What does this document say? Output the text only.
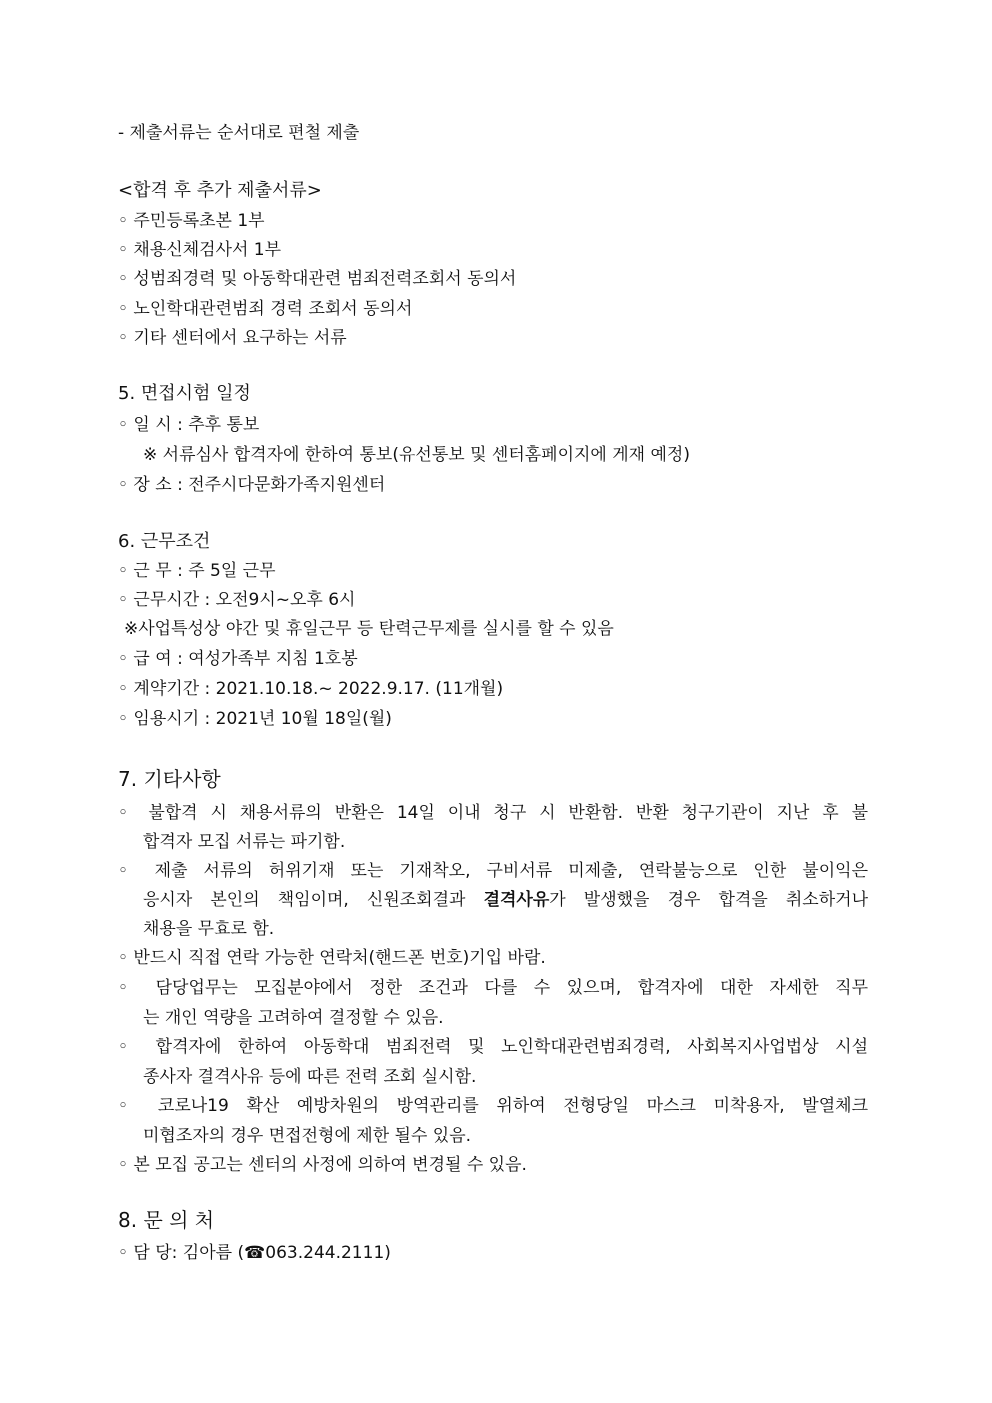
- 제출서류는 순서대로 편철 제출
<합격 후 추가 제출서류>
◦ 주민등록초본 1부
◦ 채용신체검사서 1부
◦ 성범죄경력 및 아동학대관련 범죄전력조회서 동의서
◦ 노인학대관련범죄 경력 조회서 동의서
◦ 기타 센터에서 요구하는 서류
5. 면접시험 일정
◦ 일 시 : 추후 통보
※ 서류심사 합격자에 한하여 통보(유선통보 및 센터홈페이지에 게재 예정)
◦ 장 소 : 전주시다문화가족지원센터
6. 근무조건
◦ 근 무 : 주 5일 근무
◦ 근무시간 : 오전9시~오후 6시
※사업특성상 야간 및 휴일근무 등 탄력근무제를 실시를 할 수 있음
◦ 급 여 : 여성가족부 지침 1호봉
◦ 계약기간 : 2021.10.18.~ 2022.9.17. (11개월)
◦ 임용시기 : 2021년 10월 18일(월)
7. 기타사항
◦ 불합격 시 채용서류의 반환은 14일 이내 청구 시 반환함. 반환 청구기관이 지난 후 불
합격자 모집 서류는 파기함.
◦ 제출 서류의 허위기재 또는 기재착오, 구비서류 미제출, 연락불능으로 인한 불이익은
응시자 본인의 책임이며, 신원조회결과 결격사유가 발생했을 경우 합격을 취소하거나
채용을 무효로 함.
◦ 반드시 직접 연락 가능한 연락처(핸드폰 번호)기입 바람.
◦ 담당업무는 모집분야에서 정한 조건과 다를 수 있으며, 합격자에 대한 자세한 직무
는 개인 역량을 고려하여 결정할 수 있음.
◦ 합격자에 한하여 아동학대 범죄전력 및 노인학대관련범죄경력, 사회복지사업법상 시설
종사자 결격사유 등에 따른 전력 조회 실시함.
◦ 코로나19 확산 예방차원의 방역관리를 위하여 전형당일 마스크 미착용자, 발열체크
미협조자의 경우 면접전형에 제한 될수 있음.
◦ 본 모집 공고는 센터의 사정에 의하여 변경될 수 있음.
8. 문 의 처
◦ 담 당: 김아름 (☎063.244.2111)
